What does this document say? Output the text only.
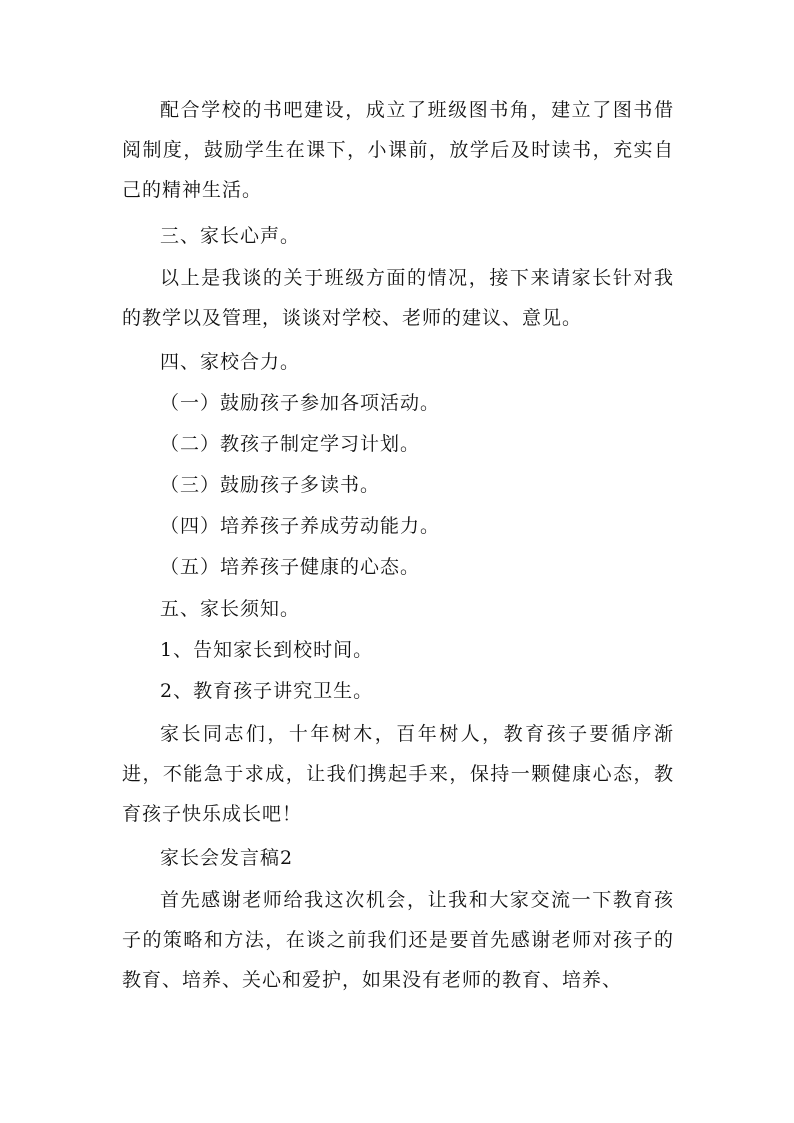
配合学校的书吧建设，成立了班级图书角，建立了图书借阅制度，鼓励学生在课下，小课前，放学后及时读书，充实自己的精神生活。

三、家长心声。

以上是我谈的关于班级方面的情况，接下来请家长针对我的教学以及管理，谈谈对学校、老师的建议、意见。

四、家校合力。

（一）鼓励孩子参加各项活动。

（二）教孩子制定学习计划。

（三）鼓励孩子多读书。

（四）培养孩子养成劳动能力。

（五）培养孩子健康的心态。

五、家长须知。

1、告知家长到校时间。

2、教育孩子讲究卫生。

家长同志们，十年树木，百年树人，教育孩子要循序渐进，不能急于求成，让我们携起手来，保持一颗健康心态，教育孩子快乐成长吧！

家长会发言稿2

首先感谢老师给我这次机会，让我和大家交流一下教育孩子的策略和方法，在谈之前我们还是要首先感谢老师对孩子的教育、培养、关心和爱护，如果没有老师的教育、培养、
